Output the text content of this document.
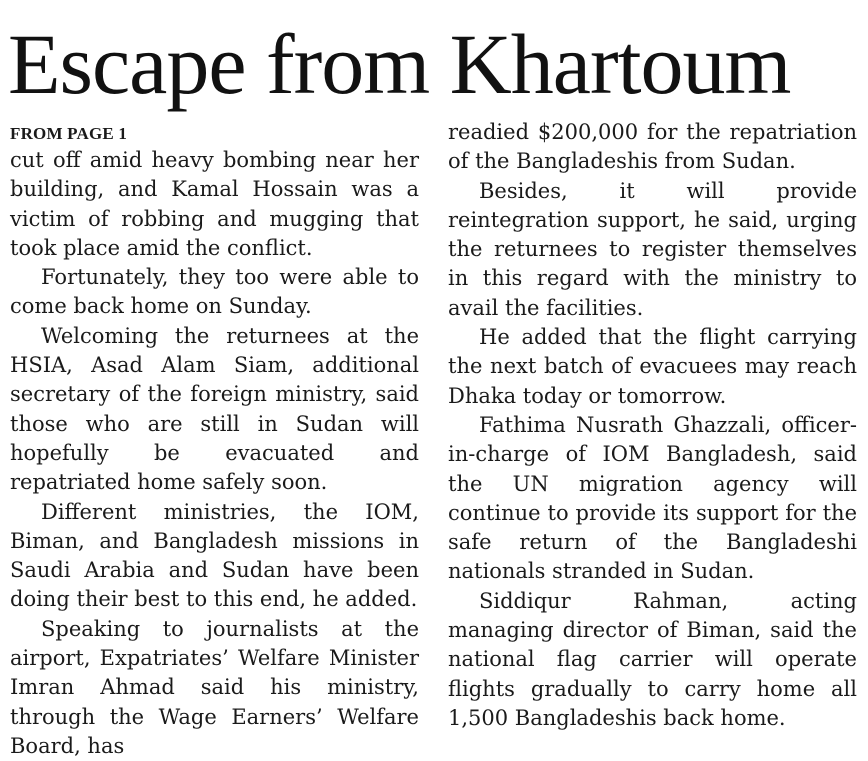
Escape from Khartoum
FROM PAGE 1

cut off amid heavy bombing near her building, and Kamal Hossain was a victim of robbing and mugging that took place amid the conflict.

Fortunately, they too were able to come back home on Sunday.

Welcoming the returnees at the HSIA, Asad Alam Siam, additional secretary of the foreign ministry, said those who are still in Sudan will hopefully be evacuated and repatriated home safely soon.

Different ministries, the IOM, Biman, and Bangladesh missions in Saudi Arabia and Sudan have been doing their best to this end, he added.

Speaking to journalists at the airport, Expatriates’ Welfare Minister Imran Ahmad said his ministry, through the Wage Earners’ Welfare Board, has

readied $200,000 for the repatriation of the Bangladeshis from Sudan.

Besides, it will provide reintegration support, he said, urging the returnees to register themselves in this regard with the ministry to avail the facilities.

He added that the flight carrying the next batch of evacuees may reach Dhaka today or tomorrow.

Fathima Nusrath Ghazzali, officer-in-charge of IOM Bangladesh, said the UN migration agency will continue to provide its support for the safe return of the Bangladeshi nationals stranded in Sudan.

Siddiqur Rahman, acting managing director of Biman, said the national flag carrier will operate flights gradually to carry home all 1,500 Bangladeshis back home.
